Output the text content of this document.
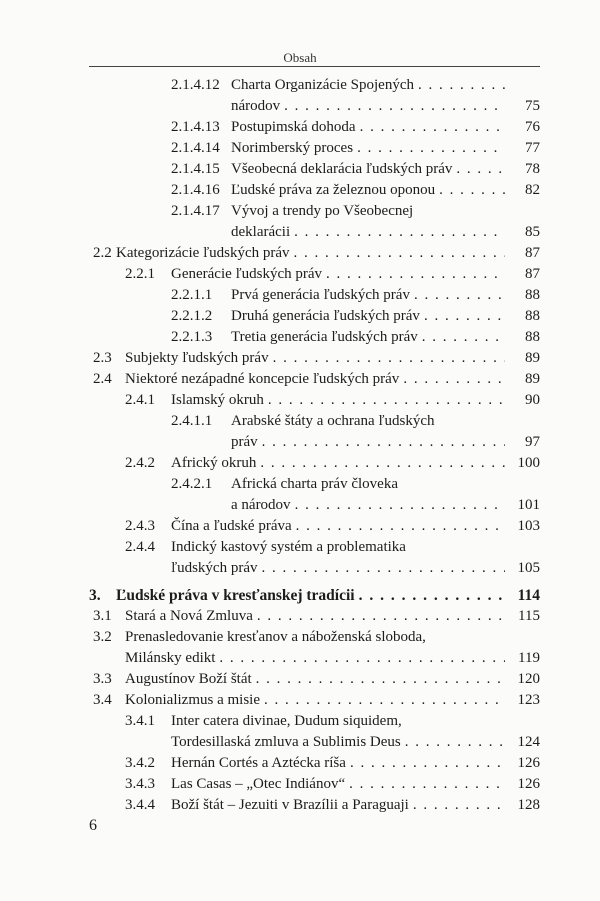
Obsah
2.1.4.12 Charta Organizácie Spojených
. . .
národov . . .	75
2.1.4.13 Postupimská dohoda . . .	76
2.1.4.14 Norimberský proces . . .	77
2.1.4.15 Všeobecná deklarácia ľudských práv . . .	78
2.1.4.16 Ľudské práva za železnou oponou . . .	82
2.1.4.17 Vývoj a trendy po Všeobecnej
deklarácii . . .	85
2.2 Kategorizácie ľudských práv . . .	87
2.2.1 Generácie ľudských práv . . .	87
2.2.1.1 Prvá generácia ľudských práv . . .	88
2.2.1.2 Druhá generácia ľudských práv . . .	88
2.2.1.3 Tretia generácia ľudských práv . . .	88
2.3 Subjekty ľudských práv . . .	89
2.4 Niektoré nezápadné koncepcie ľudských práv . . .	89
2.4.1 Islamský okruh . . .	90
2.4.1.1 Arabské štáty a ochrana ľudských
práv . . .	97
2.4.2 Africký okruh . . .	100
2.4.2.1 Africká charta práv človeka
a národov . . .	101
2.4.3 Čína a ľudské práva . . .	103
2.4.4 Indický kastový systém a problematika
ľudských práv . . .	105
3. Ľudské práva v kresťanskej tradícii . . .	114
3.1 Stará a Nová Zmluva . . .	115
3.2 Prenasledovanie kresťanov a náboženská sloboda,
Milánsky edikt . . .	119
3.3 Augustínov Boží štát . . .	120
3.4 Kolonializmus a misie . . .	123
3.4.1 Inter catera divinae, Dudum siquidem,
Tordesillaská zmluva a Sublimis Deus . . .	124
3.4.2 Hernán Cortés a Aztécka ríša . . .	126
3.4.3 Las Casas – „Otec Indiánov“ . . .	126
3.4.4 Boží štát – Jezuiti v Brazílii a Paraguaji . . .	128
6
